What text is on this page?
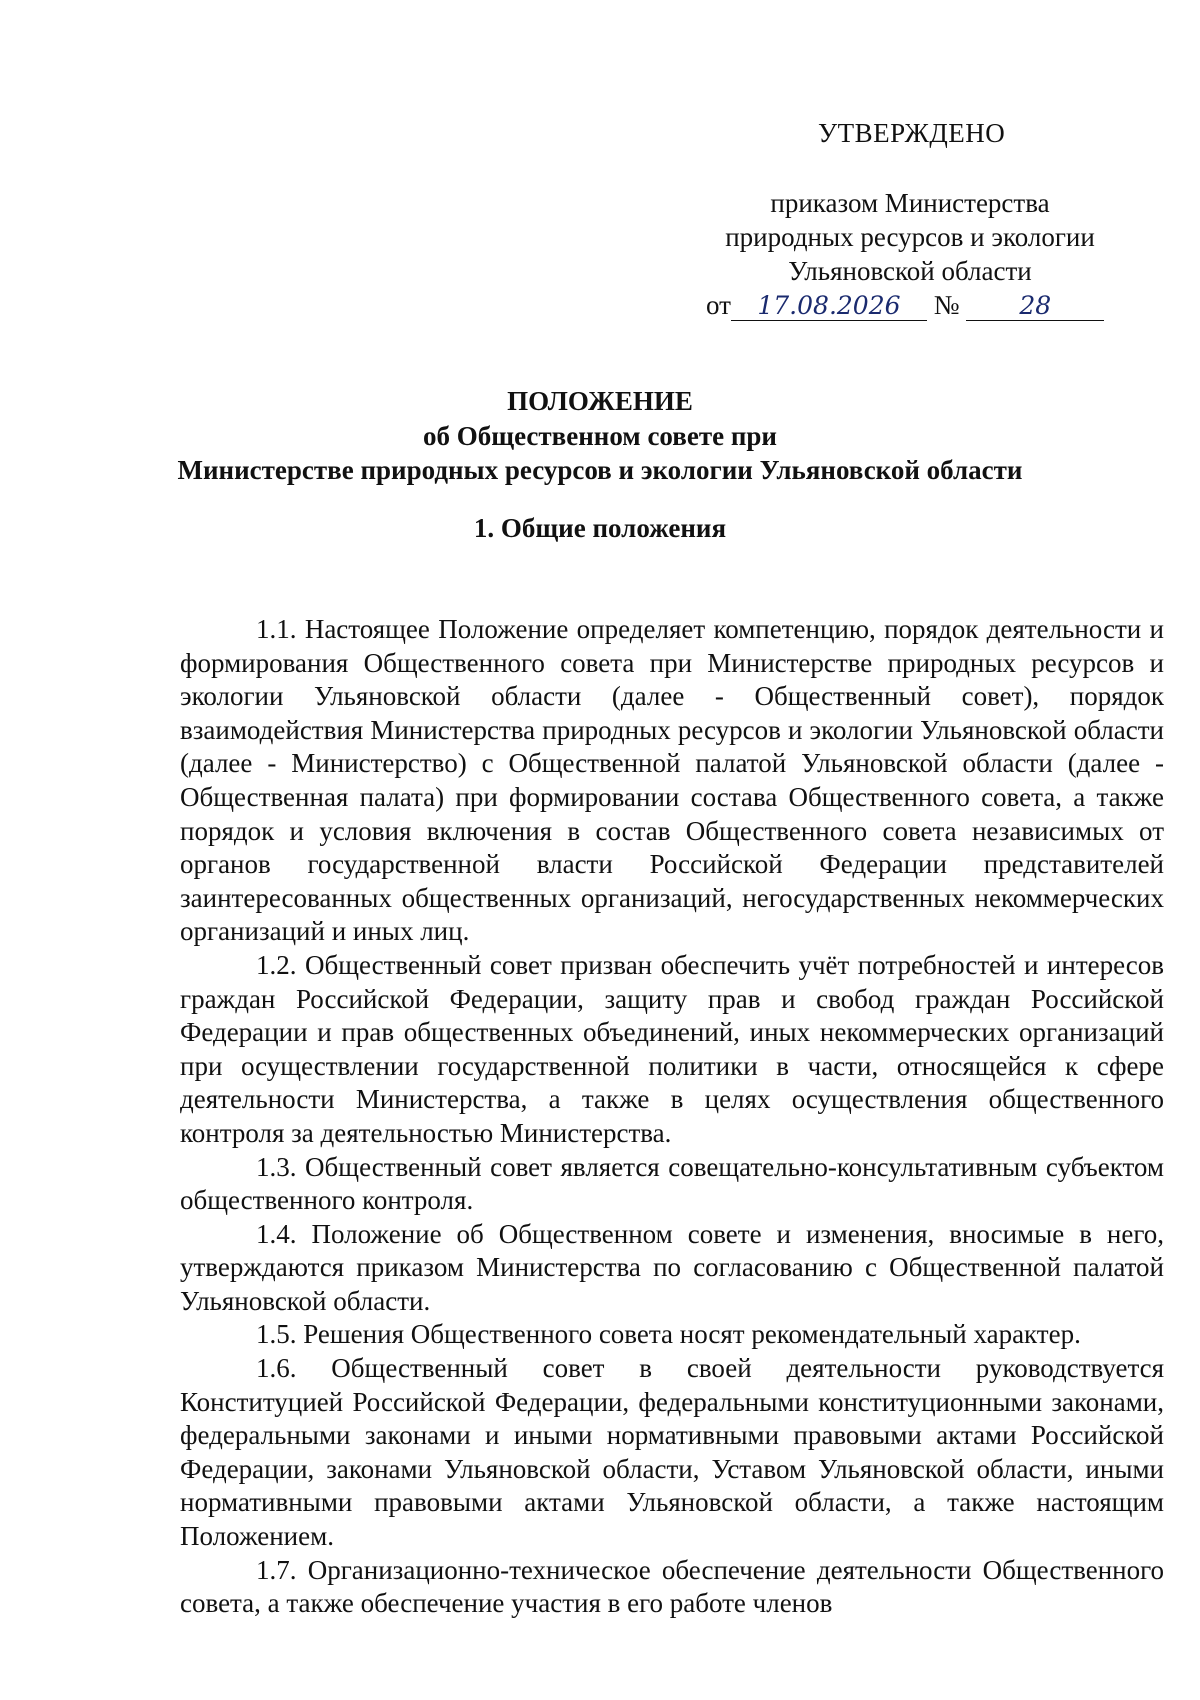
УТВЕРЖДЕНО
приказом Министерства
природных ресурсов и экологии
Ульяновской области
от 17.08.2026 № 28
ПОЛОЖЕНИЕ
об Общественном совете при
Министерстве природных ресурсов и экологии Ульяновской области
1. Общие положения

1.1. Настоящее Положение определяет компетенцию, порядок деятельности и формирования Общественного совета при Министерстве природных ресурсов и экологии Ульяновской области (далее - Общественный совет), порядок взаимодействия Министерства природных ресурсов и экологии Ульяновской области (далее - Министерство) с Общественной палатой Ульяновской области (далее - Общественная палата) при формировании состава Общественного совета, а также порядок и условия включения в состав Общественного совета независимых от органов государственной власти Российской Федерации представителей заинтересованных общественных организаций, негосударственных некоммерческих организаций и иных лиц.

1.2. Общественный совет призван обеспечить учёт потребностей и интересов граждан Российской Федерации, защиту прав и свобод граждан Российской Федерации и прав общественных объединений, иных некоммерческих организаций при осуществлении государственной политики в части, относящейся к сфере деятельности Министерства, а также в целях осуществления общественного контроля за деятельностью Министерства.

1.3. Общественный совет является совещательно-консультативным субъектом общественного контроля.

1.4. Положение об Общественном совете и изменения, вносимые в него, утверждаются приказом Министерства по согласованию с Общественной палатой Ульяновской области.

1.5. Решения Общественного совета носят рекомендательный характер.

1.6. Общественный совет в своей деятельности руководствуется Конституцией Российской Федерации, федеральными конституционными законами, федеральными законами и иными нормативными правовыми актами Российской Федерации, законами Ульяновской области, Уставом Ульяновской области, иными нормативными правовыми актами Ульяновской области, а также настоящим Положением.

1.7. Организационно-техническое обеспечение деятельности Общественного совета, а также обеспечение участия в его работе членов
